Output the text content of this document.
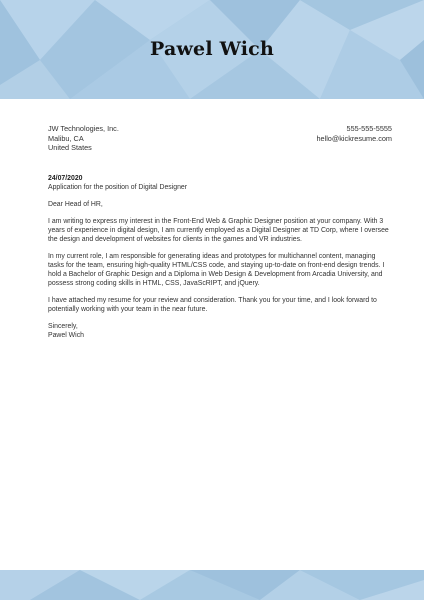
Pawel Wich
JW Technologies, Inc.
Malibu, CA
United States
555-555-5555
hello@kickresume.com

24/07/2020

Application for the position of Digital Designer

Dear Head of HR,

I am writing to express my interest in the Front-End Web & Graphic Designer position at your company. With 3 years of experience in digital design, I am currently employed as a Digital Designer at TD Corp, where I oversee the design and development of websites for clients in the games and VR industries.

In my current role, I am responsible for generating ideas and prototypes for multichannel content, managing tasks for the team, ensuring high-quality HTML/CSS code, and staying up-to-date on front-end design trends. I hold a Bachelor of Graphic Design and a Diploma in Web Design & Development from Arcadia University, and possess strong coding skills in HTML, CSS, JavaScRIPT, and jQuery.

I have attached my resume for your review and consideration. Thank you for your time, and I look forward to potentially working with your team in the near future.

Sincerely,

Pawel Wich
